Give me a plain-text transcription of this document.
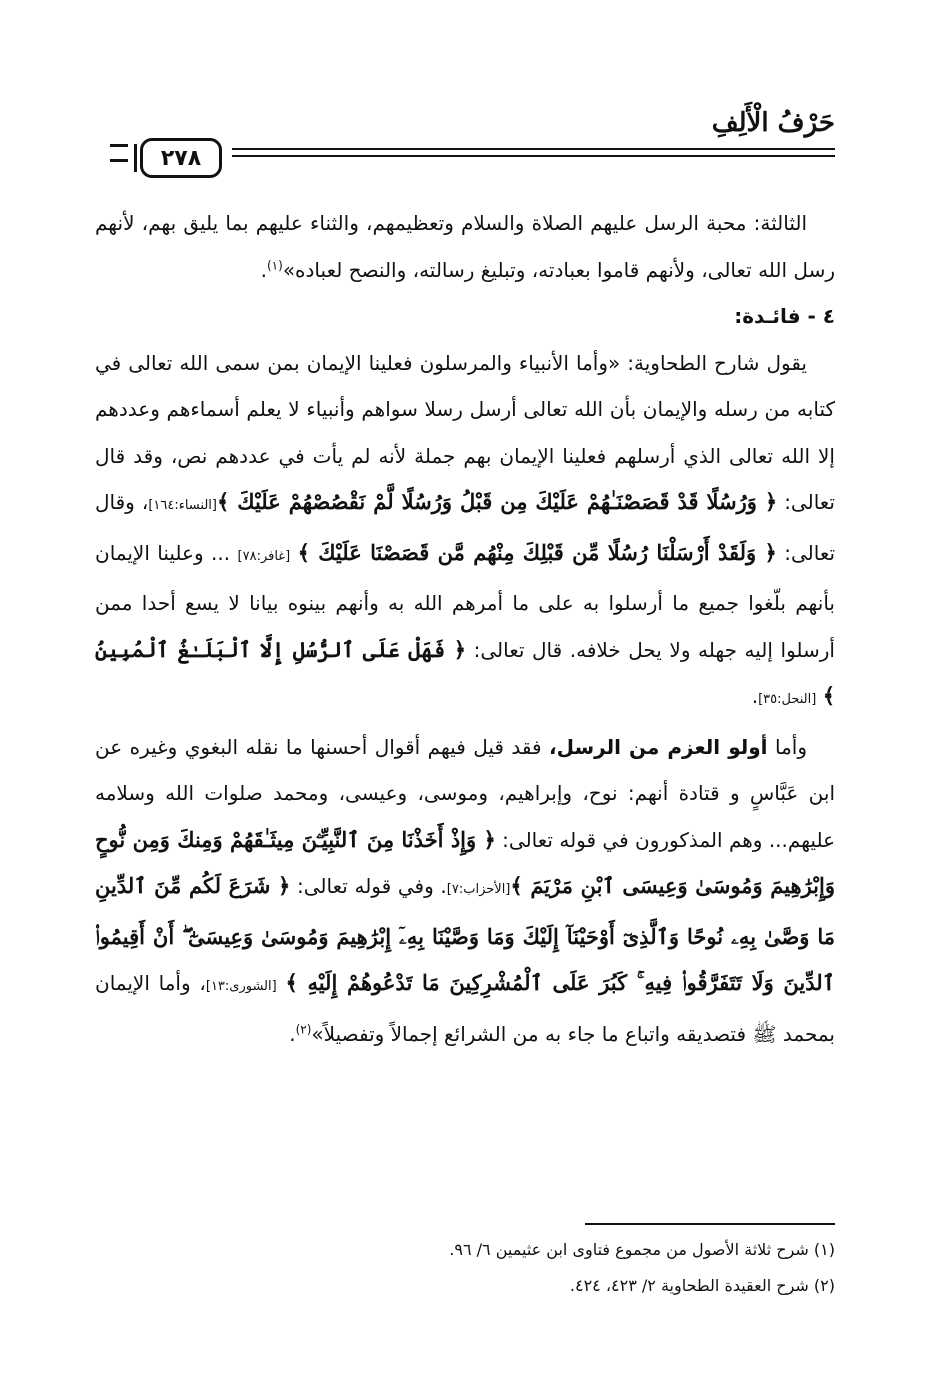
حَرْفُ الْأَلِفِ
٢٧٨

الثالثة: محبة الرسل عليهم الصلاة والسلام وتعظيمهم، والثناء عليهم بما يليق بهم، لأنهم رسل الله تعالى، ولأنهم قاموا بعبادته، وتبليغ رسالته، والنصح لعباده»$^{(١)}$.

٤ - فائـدة:

يقول شارح الطحاوية: «وأما الأنبياء والمرسلون فعلينا الإيمان بمن سمى الله تعالى في كتابه من رسله والإيمان بأن الله تعالى أرسل رسلا سواهم وأنبياء لا يعلم أسماءهم وعددهم إلا الله تعالى الذي أرسلهم فعلينا الإيمان بهم جملة لأنه لم يأت في عددهم نص، وقد قال تعالى: ﴿ وَرُسُلًا قَدْ قَصَصْنَـٰهُمْ عَلَيْكَ مِن قَبْلُ وَرُسُلًا لَّمْ نَقْصُصْهُمْ عَلَيْكَ ﴾[النساء:١٦٤]، وقال تعالى: ﴿ وَلَقَدْ أَرْسَلْنَا رُسُلًا مِّن قَبْلِكَ مِنْهُم مَّن قَصَصْنَا عَلَيْكَ ﴾ [غافر:٧٨] ... وعلينا الإيمان بأنهم بلّغوا جميع ما أرسلوا به على ما أمرهم الله به وأنهم بينوه بيانا لا يسع أحدا ممن أرسلوا إليه جهله ولا يحل خلافه. قال تعالى: ﴿ فَهَلْ عَلَى ٱلرُّسُلِ إِلَّا ٱلْبَلَـٰغُ ٱلْمُبِينُ ﴾ [النحل:٣٥].

وأما أولو العزم من الرسل، فقد قيل فيهم أقوال أحسنها ما نقله البغوي وغيره عن ابن عَبَّاسٍ و قتادة أنهم: نوح، وإبراهيم، وموسى، وعيسى، ومحمد صلوات الله وسلامه عليهم... وهم المذكورون في قوله تعالى: ﴿ وَإِذْ أَخَذْنَا مِنَ ٱلنَّبِيِّـۧنَ مِيثَـٰقَهُمْ وَمِنكَ وَمِن نُّوحٍ وَإِبْرَٰهِيمَ وَمُوسَىٰ وَعِيسَى ٱبْنِ مَرْيَمَ ﴾[الأحزاب:٧]. وفي قوله تعالى: ﴿ شَرَعَ لَكُم مِّنَ ٱلدِّينِ مَا وَصَّىٰ بِهِۦ نُوحًا وَٱلَّذِىٓ أَوْحَيْنَآ إِلَيْكَ وَمَا وَصَّيْنَا بِهِۦٓ إِبْرَٰهِيمَ وَمُوسَىٰ وَعِيسَىٰٓ ۖ أَنْ أَقِيمُوا۟ ٱلدِّينَ وَلَا تَتَفَرَّقُوا۟ فِيهِ ۚ كَبُرَ عَلَى ٱلْمُشْرِكِينَ مَا تَدْعُوهُمْ إِلَيْهِ ﴾ [الشورى:١٣]، وأما الإيمان بمحمد ﷺ فتصديقه واتباع ما جاء به من الشرائع إجمالاً وتفصيلاً»$^{(٢)}$.

(١) شرح ثلاثة الأصول من مجموع فتاوى ابن عثيمين ٦/ ٩٦.
(٢) شرح العقيدة الطحاوية ٢/ ٤٢٣، ٤٢٤.
